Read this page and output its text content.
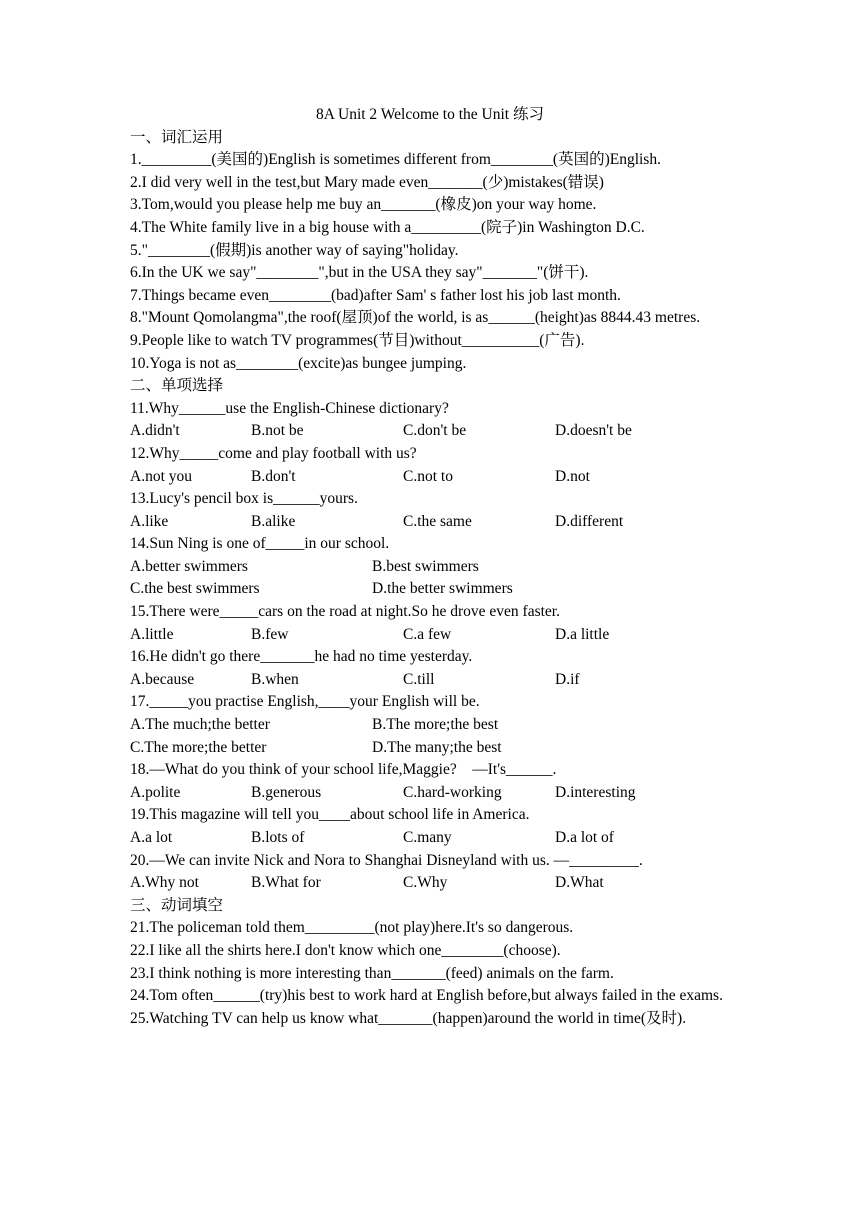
8A Unit 2 Welcome to the Unit 练习
一、词汇运用
1._________(美国的)English is sometimes different from________(英国的)English.
2.I did very well in the test,but Mary made even_______(少)mistakes(错误)
3.Tom,would you please help me buy an_______(橡皮)on your way home.
4.The White family live in a big house with a_________(院子)in Washington D.C.
5."________(假期)is another way of saying"holiday.
6.In the UK we say"________",but in the USA they say"_______"(饼干).
7.Things became even________(bad)after Sam' s father lost his job last month.
8."Mount Qomolangma",the roof(屋顶)of the world, is as______(height)as 8844.43 metres.
9.People like to watch TV programmes(节目)without__________(广告).
10.Yoga is not as________(excite)as bungee jumping.
二、单项选择
11.Why______use the English-Chinese dictionary?
A.didn't	B.not be	C.don't be	D.doesn't be
12.Why_____come and play football with us?
A.not you	B.don't	C.not to	D.not
13.Lucy's pencil box is______yours.
A.like	B.alike	C.the same	D.different
14.Sun Ning is one of_____in our school.
A.better swimmers	B.best swimmers
C.the best swimmers	D.the better swimmers
15.There were_____cars on the road at night.So he drove even faster.
A.little	B.few	C.a few	D.a little
16.He didn't go there_______he had no time yesterday.
A.because	B.when	C.till	D.if
17._____you practise English,____your English will be.
A.The much;the better	B.The more;the best
C.The more;the better	D.The many;the best
18.—What do you think of your school life,Maggie?　—It's______.
A.polite	B.generous	C.hard-working	D.interesting
19.This magazine will tell you____about school life in America.
A.a lot	B.lots of	C.many	D.a lot of
20.—We can invite Nick and Nora to Shanghai Disneyland with us. —_________.
A.Why not	B.What for	C.Why	D.What
三、动词填空
21.The policeman told them_________(not play)here.It's so dangerous.
22.I like all the shirts here.I don't know which one________(choose).
23.I think nothing is more interesting than_______(feed) animals on the farm.
24.Tom often______(try)his best to work hard at English before,but always failed in the exams.
25.Watching TV can help us know what_______(happen)around the world in time(及时).
